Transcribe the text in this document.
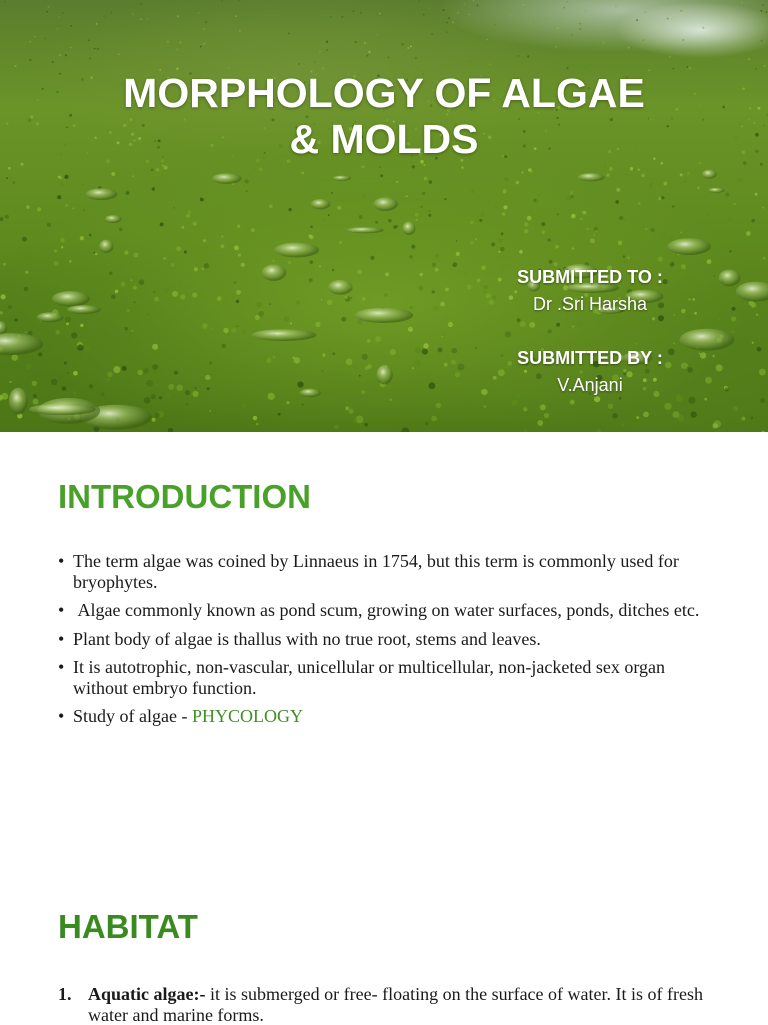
MORPHOLOGY OF ALGAE
& MOLDS
SUBMITTED TO :
Dr .Sri Harsha
SUBMITTED BY :
V.Anjani
INTRODUCTION
• The term algae was coined by Linnaeus in 1754, but this term is commonly used for bryophytes.
• Algae commonly known as pond scum, growing on water surfaces, ponds, ditches etc.
• Plant body of algae is thallus with no true root, stems and leaves.
• It is autotrophic, non-vascular, unicellular or multicellular, non-jacketed sex organ without embryo function.
• Study of algae - PHYCOLOGY
HABITAT
1. Aquatic algae:- it is submerged or free- floating on the surface of water. It is of fresh water and marine forms.
